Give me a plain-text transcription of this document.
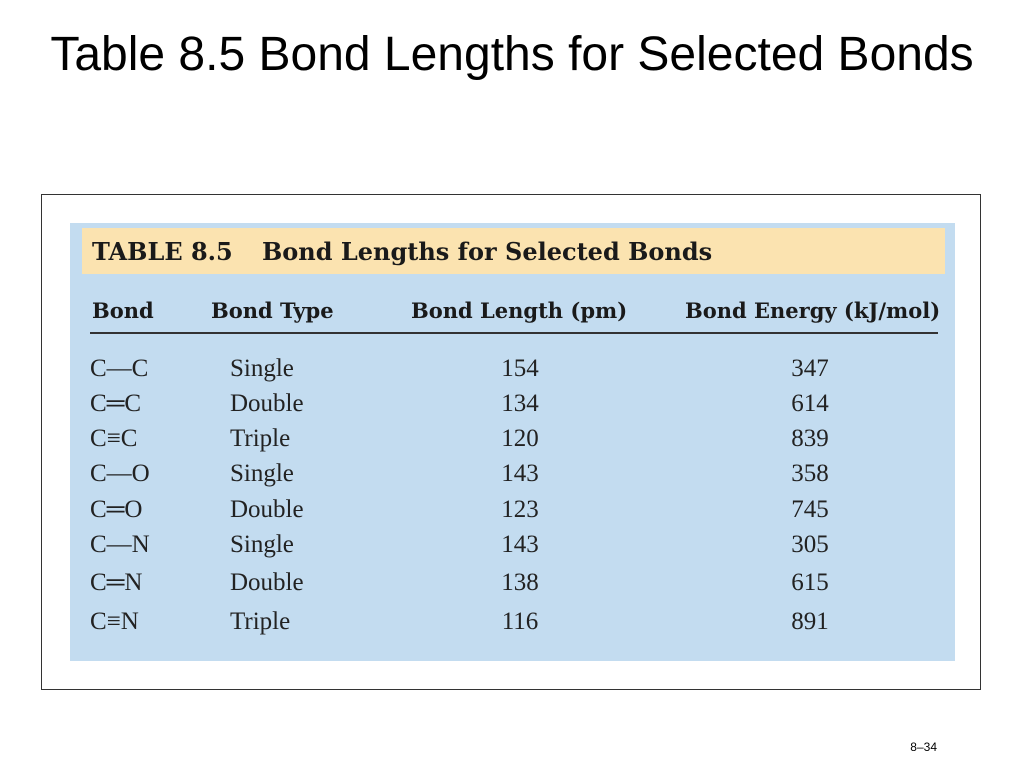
Table 8.5 Bond Lengths for Selected Bonds
TABLE 8.5 Bond Lengths for Selected Bonds
Bond	Bond Type	Bond Length (pm)	Bond Energy (kJ/mol)
C—C	Single	154	347
C═C	Double	134	614
C≡C	Triple	120	839
C—O	Single	143	358
C═O	Double	123	745
C—N	Single	143	305
C═N	Double	138	615
C≡N	Triple	116	891
8–34
